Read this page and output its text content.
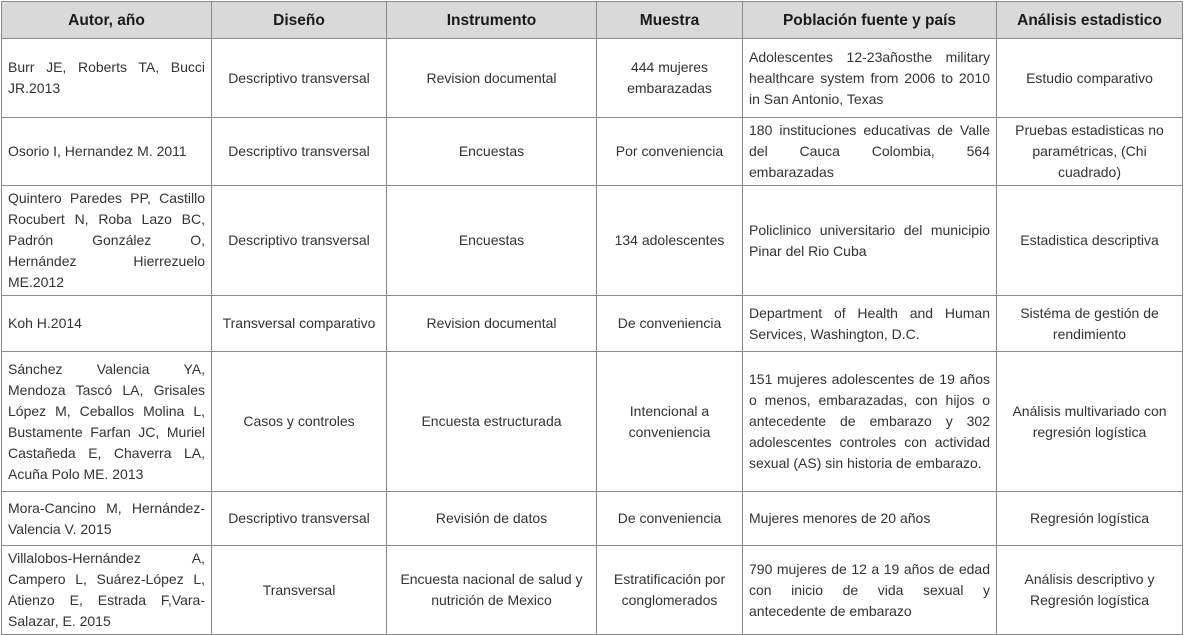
Autor, año	Diseño	Instrumento	Muestra	Población fuente y país	Análisis estadistico
Burr JE, Roberts TA, Bucci JR.2013	Descriptivo transversal	Revision documental	444 mujeres embarazadas	Adolescentes 12-23añosthe military healthcare system from 2006 to 2010 in San Antonio, Texas	Estudio comparativo
Osorio I, Hernandez M. 2011	Descriptivo transversal	Encuestas	Por conveniencia	180 instituciones educativas de Valle del Cauca Colombia, 564 embarazadas	Pruebas estadisticas no paramétricas, (Chi cuadrado)
Quintero Paredes PP, Castillo Rocubert N, Roba Lazo BC, Padrón González O, Hernández Hierrezuelo ME.2012	Descriptivo transversal	Encuestas	134 adolescentes	Policlinico universitario del municipio Pinar del Rio Cuba	Estadistica descriptiva
Koh H.2014	Transversal comparativo	Revision documental	De conveniencia	Department of Health and Human Services, Washington, D.C.	Sistéma de gestión de rendimiento
Sánchez Valencia YA, Mendoza Tascó LA, Grisales López M, Ceballos Molina L, Bustamente Farfan JC, Muriel Castañeda E, Chaverra LA, Acuña Polo ME. 2013	Casos y controles	Encuesta estructurada	Intencional a conveniencia	151 mujeres adolescentes de 19 años o menos, embarazadas, con hijos o antecedente de embarazo y 302 adolescentes controles con actividad sexual (AS) sin historia de embarazo.	Análisis multivariado con regresión logística
Mora-Cancino M, Hernández-Valencia V. 2015	Descriptivo transversal	Revisión de datos	De conveniencia	Mujeres menores de 20 años	Regresión logística
Villalobos-Hernández A, Campero L, Suárez-López L, Atienzo E, Estrada F,Vara-Salazar, E. 2015	Transversal	Encuesta nacional de salud y nutrición de Mexico	Estratificación por conglomerados	790 mujeres de 12 a 19 años de edad con inicio de vida sexual y antecedente de embarazo	Análisis descriptivo y Regresión logística
